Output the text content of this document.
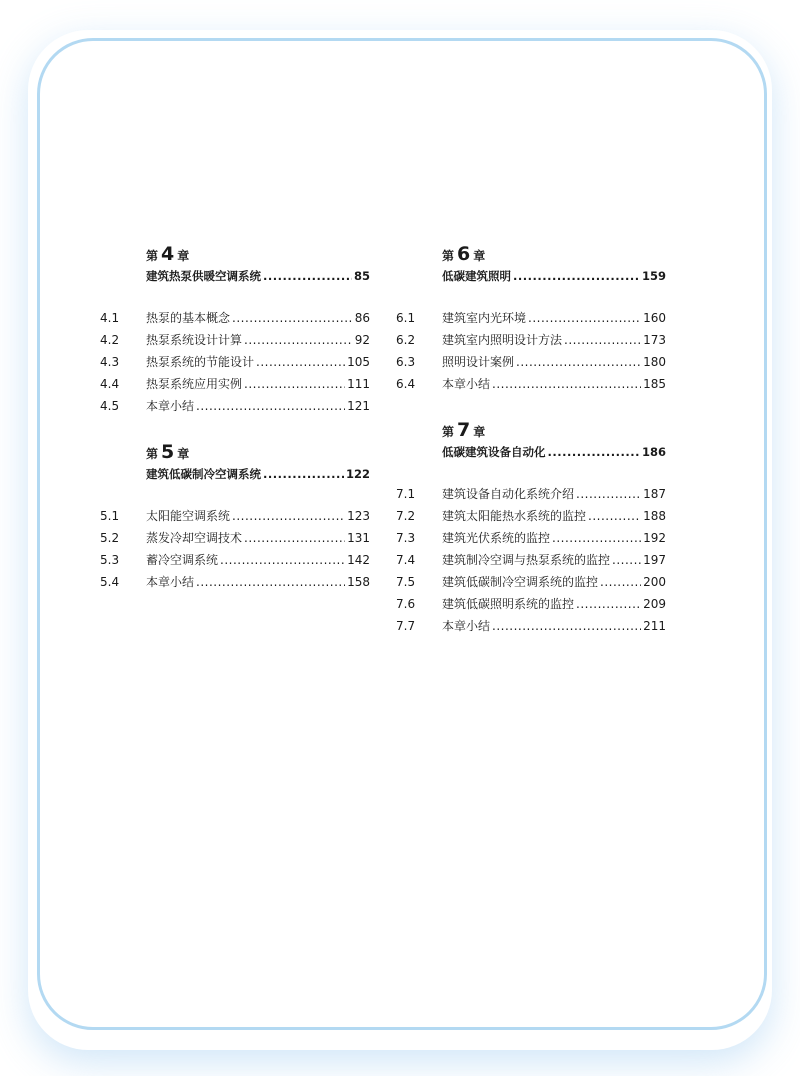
第 4 章
建筑热泵供暖空调系统 .....	85
4.1	热泵的基本概念 .....	86
4.2	热泵系统设计计算 .....	92
4.3	热泵系统的节能设计 .....	105
4.4	热泵系统应用实例 .....	111
4.5	本章小结 .....	121
第 5 章
建筑低碳制冷空调系统 .....	122
5.1	太阳能空调系统 .....	123
5.2	蒸发冷却空调技术 .....	131
5.3	蓄冷空调系统 .....	142
5.4	本章小结 .....	158
第 6 章
低碳建筑照明 .....	159
6.1	建筑室内光环境 .....	160
6.2	建筑室内照明设计方法 .....	173
6.3	照明设计案例 .....	180
6.4	本章小结 .....	185
第 7 章
低碳建筑设备自动化 .....	186
7.1	建筑设备自动化系统介绍 .....	187
7.2	建筑太阳能热水系统的监控 .....	188
7.3	建筑光伏系统的监控 .....	192
7.4	建筑制冷空调与热泵系统的监控 .....	197
7.5	建筑低碳制冷空调系统的监控 .....	200
7.6	建筑低碳照明系统的监控 .....	209
7.7	本章小结 .....	211
